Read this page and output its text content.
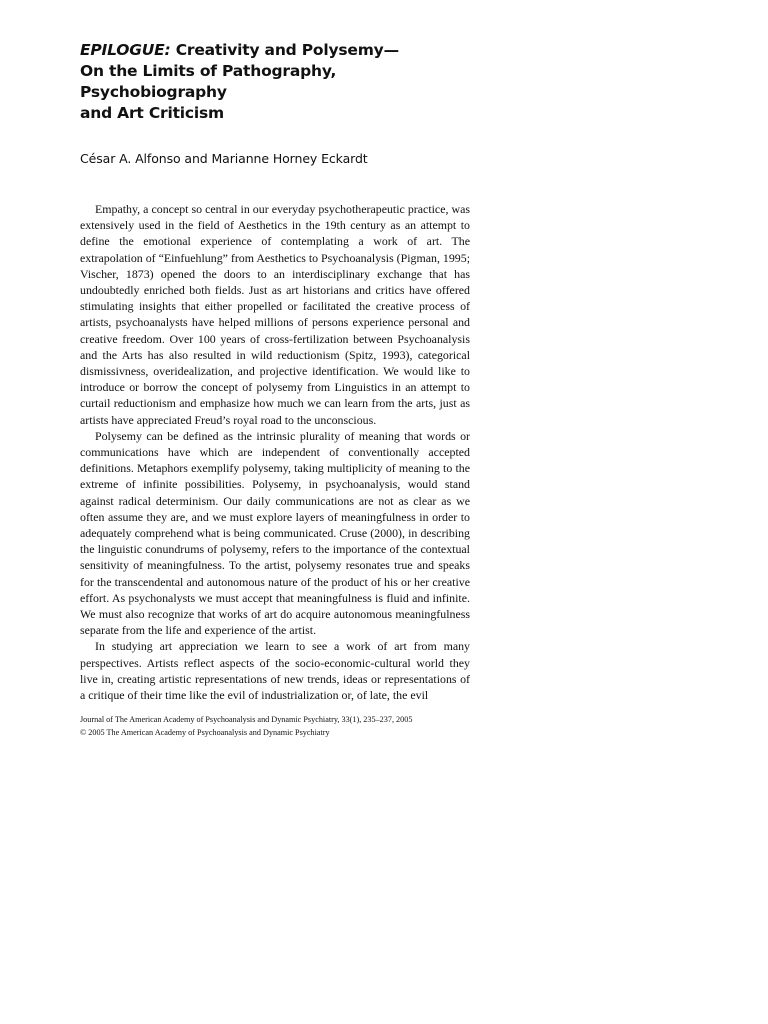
EPILOGUE: Creativity and Polysemy—
On the Limits of Pathography, Psychobiography
and Art Criticism

César A. Alfonso and Marianne Horney Eckardt

Empathy, a concept so central in our everyday psychotherapeutic practice, was extensively used in the field of Aesthetics in the 19th century as an attempt to define the emotional experience of contemplating a work of art. The extrapolation of “Einfuehlung” from Aesthetics to Psychoanalysis (Pigman, 1995; Vischer, 1873) opened the doors to an interdisciplinary exchange that has undoubtedly enriched both fields. Just as art historians and critics have offered stimulating insights that either propelled or facilitated the creative process of artists, psychoanalysts have helped millions of persons experience personal and creative freedom. Over 100 years of cross-fertilization between Psychoanalysis and the Arts has also resulted in wild reductionism (Spitz, 1993), categorical dismissivness, overidealization, and projective identification. We would like to introduce or borrow the concept of polysemy from Linguistics in an attempt to curtail reductionism and emphasize how much we can learn from the arts, just as artists have appreciated Freud’s royal road to the unconscious.

Polysemy can be defined as the intrinsic plurality of meaning that words or communications have which are independent of conventionally accepted definitions. Metaphors exemplify polysemy, taking multiplicity of meaning to the extreme of infinite possibilities. Polysemy, in psychoanalysis, would stand against radical determinism. Our daily communications are not as clear as we often assume they are, and we must explore layers of meaningfulness in order to adequately comprehend what is being communicated. Cruse (2000), in describing the linguistic conundrums of polysemy, refers to the importance of the contextual sensitivity of meaningfulness. To the artist, polysemy resonates true and speaks for the transcendental and autonomous nature of the product of his or her creative effort. As psychonalysts we must accept that meaningfulness is fluid and infinite. We must also recognize that works of art do acquire autonomous meaningfulness separate from the life and experience of the artist.

In studying art appreciation we learn to see a work of art from many perspectives. Artists reflect aspects of the socio-economic-cultural world they live in, creating artistic representations of new trends, ideas or representations of a critique of their time like the evil of industrialization or, of late, the evil

Journal of The American Academy of Psychoanalysis and Dynamic Psychiatry, 33(1), 235–237, 2005
© 2005 The American Academy of Psychoanalysis and Dynamic Psychiatry
